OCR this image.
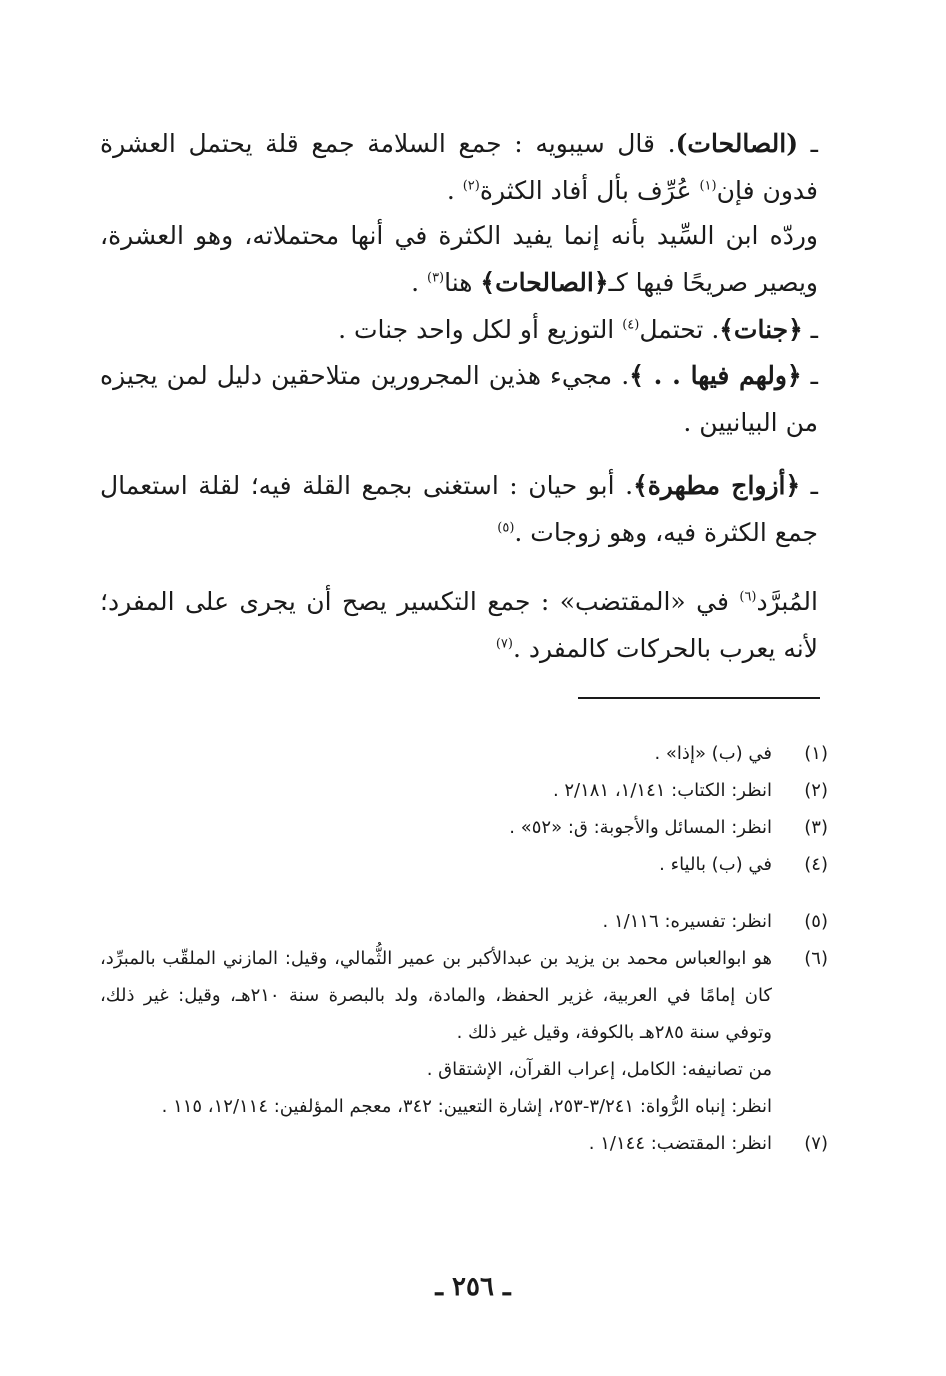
ـ (الصالحات). قال سيبويه : جمع السلامة جمع قلة يحتمل العشرة فدون فإن$^{(١)}$ عُرِّف بأل أفاد الكثرة$^{(٢)}$ .

وردّه ابن السِّيد بأنه إنما يفيد الكثرة في أنها محتملاته، وهو العشرة، ويصير صريحًا فيها كـ﴿الصالحات﴾ هنا$^{(٣)}$ .

ـ ﴿جنات﴾. تحتمل$^{(٤)}$ التوزيع أو لكل واحد جنات .

ـ ﴿ولهم فيها . . ﴾. مجيء هذين المجرورين متلاحقين دليل لمن يجيزه من البيانيين .

ـ ﴿أزواج مطهرة﴾. أبو حيان : استغنى بجمع القلة فيه؛ لقلة استعمال جمع الكثرة فيه، وهو زوجات .$^{(٥)}$

المُبرَّد$^{(٦)}$ في «المقتضب» : جمع التكسير يصح أن يجرى على المفرد؛ لأنه يعرب بالحركات كالمفرد .$^{(٧)}$

(١)
في (ب) «إذا» .
(٢)
انظر: الكتاب: ١/١٤١، ٢/١٨١ .
(٣)
انظر: المسائل والأجوبة: ق: «٥٢» .
(٤)
في (ب) بالياء .
(٥)
انظر: تفسيره: ١/١١٦ .
(٦)
هو ابوالعباس محمد بن يزيد بن عبدالأكبر بن عمير الثُّمالي، وقيل: المازني الملقّب بالمبرِّد، كان إمامًا في العربية، غزير الحفظ، والمادة، ولد بالبصرة سنة ٢١٠هـ، وقيل: غير ذلك، وتوفي سنة ٢٨٥هـ بالكوفة، وقيل غير ذلك .
من تصانيفه: الكامل، إعراب القرآن، الإشتقاق .
انظر: إنباه الرُّواة: ٣/٢٤١-٢٥٣، إشارة التعيين: ٣٤٢، معجم المؤلفين: ١٢/١١٤، ١١٥ .
(٧)
انظر: المقتضب: ١/١٤٤ .
ـ ٢٥٦ ـ
